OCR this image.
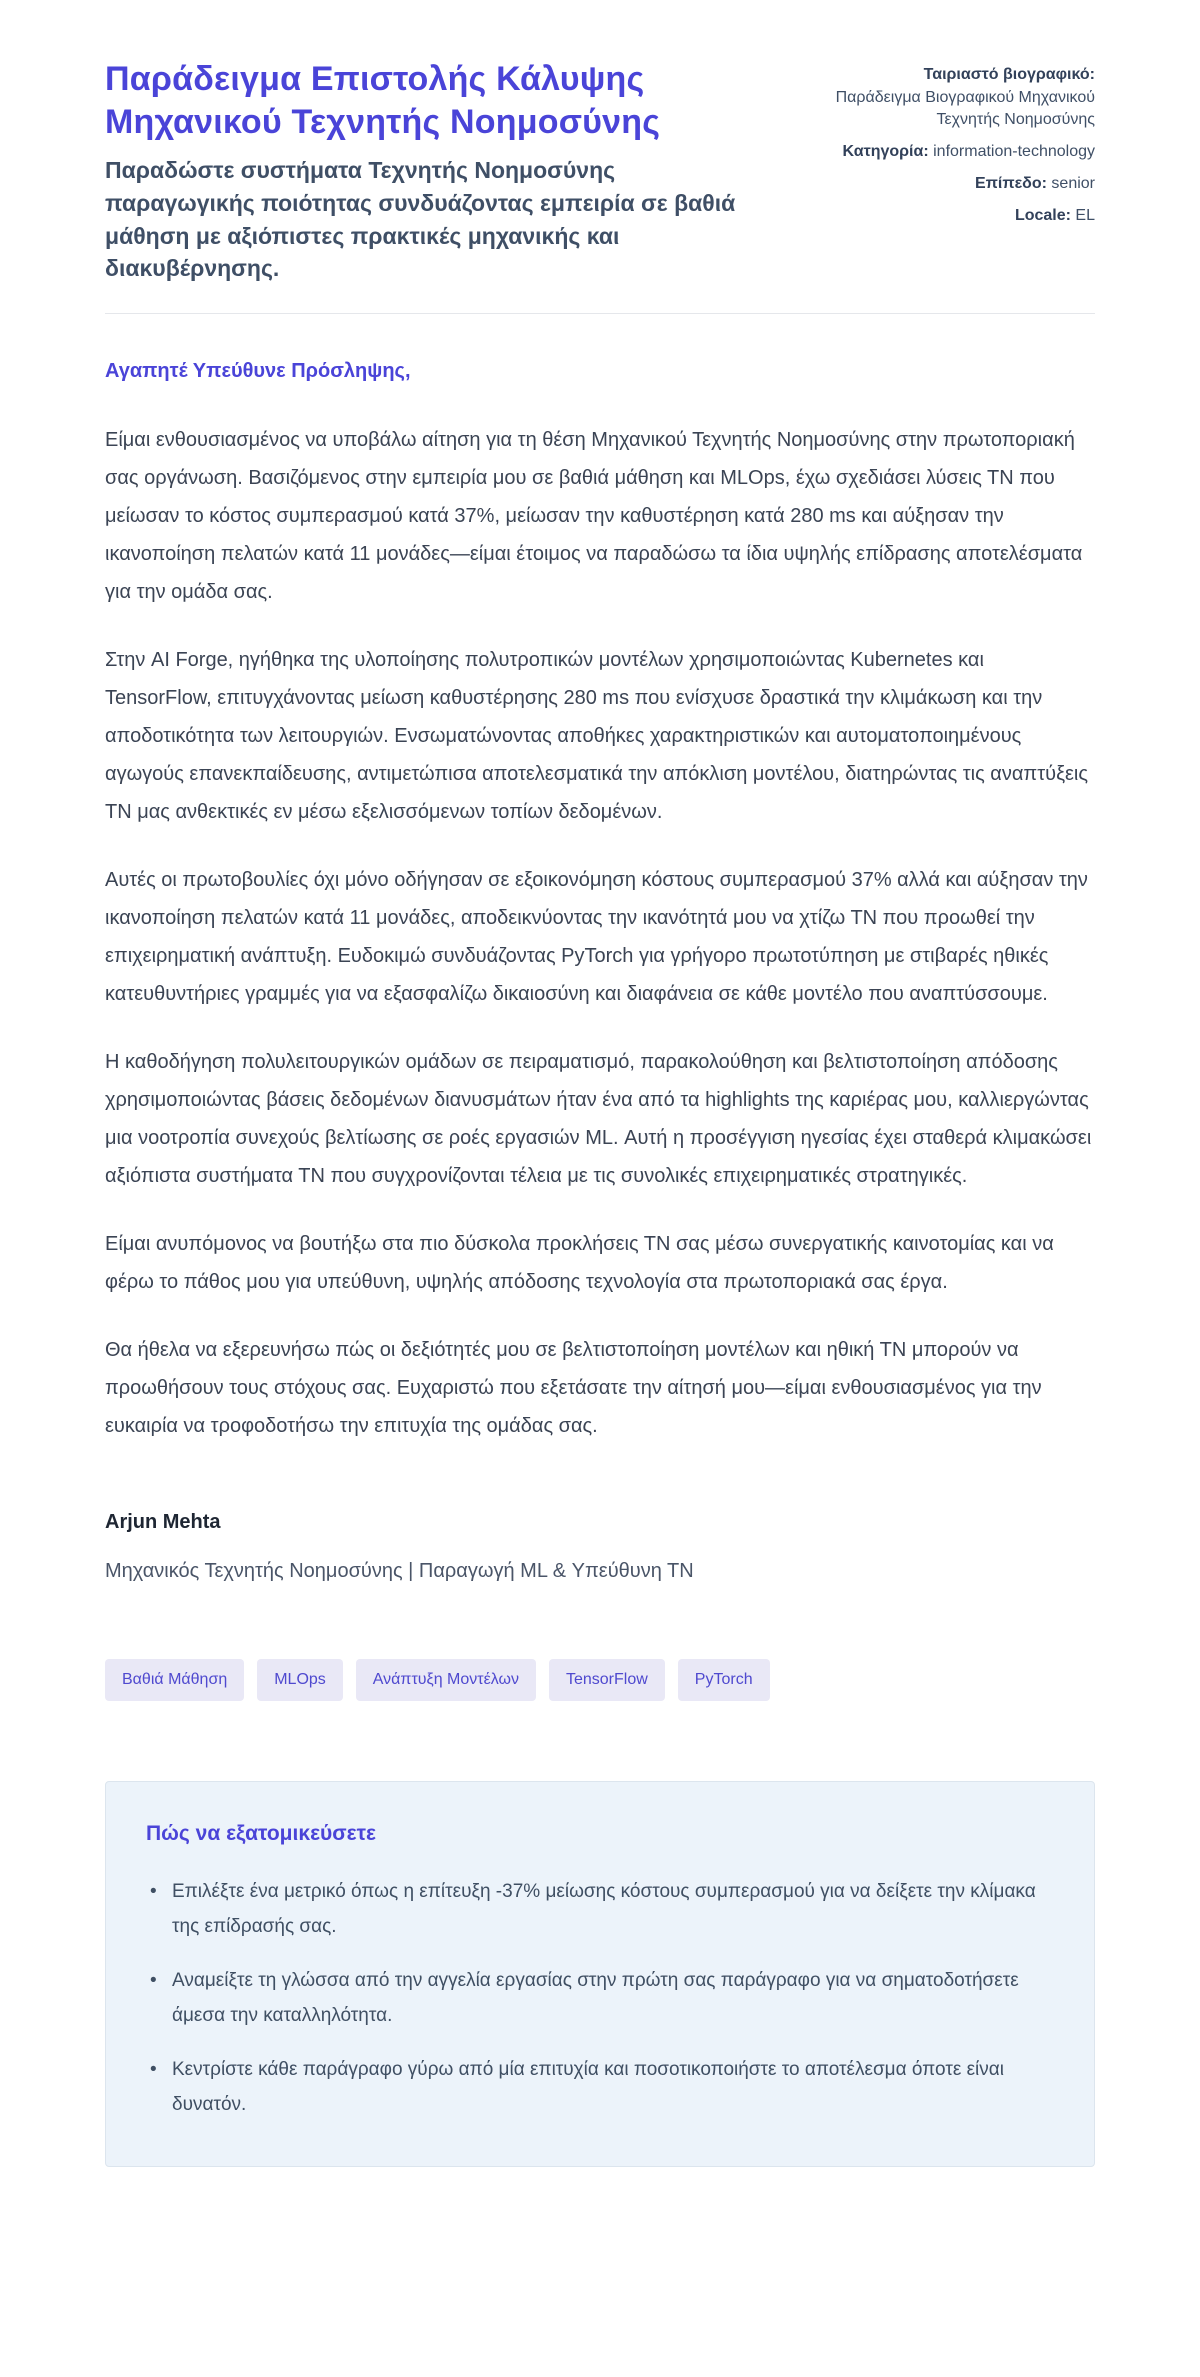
Παράδειγμα Επιστολής Κάλυψης Μηχανικού Τεχνητής Νοημοσύνης
Παραδώστε συστήματα Τεχνητής Νοημοσύνης παραγωγικής ποιότητας συνδυάζοντας εμπειρία σε βαθιά μάθηση με αξιόπιστες πρακτικές μηχανικής και διακυβέρνησης.
Ταιριαστό βιογραφικό:
Παράδειγμα Βιογραφικού Μηχανικού Τεχνητής Νοημοσύνης
Κατηγορία: information-technology
Επίπεδο: senior
Locale: EL
Αγαπητέ Υπεύθυνε Πρόσληψης,

Είμαι ενθουσιασμένος να υποβάλω αίτηση για τη θέση Μηχανικού Τεχνητής Νοημοσύνης στην πρωτοποριακή σας οργάνωση. Βασιζόμενος στην εμπειρία μου σε βαθιά μάθηση και MLOps, έχω σχεδιάσει λύσεις ΤΝ που μείωσαν το κόστος συμπερασμού κατά 37%, μείωσαν την καθυστέρηση κατά 280 ms και αύξησαν την ικανοποίηση πελατών κατά 11 μονάδες—είμαι έτοιμος να παραδώσω τα ίδια υψηλής επίδρασης αποτελέσματα για την ομάδα σας.

Στην AI Forge, ηγήθηκα της υλοποίησης πολυτροπικών μοντέλων χρησιμοποιώντας Kubernetes και TensorFlow, επιτυγχάνοντας μείωση καθυστέρησης 280 ms που ενίσχυσε δραστικά την κλιμάκωση και την αποδοτικότητα των λειτουργιών. Ενσωματώνοντας αποθήκες χαρακτηριστικών και αυτοματοποιημένους αγωγούς επανεκπαίδευσης, αντιμετώπισα αποτελεσματικά την απόκλιση μοντέλου, διατηρώντας τις αναπτύξεις ΤΝ μας ανθεκτικές εν μέσω εξελισσόμενων τοπίων δεδομένων.

Αυτές οι πρωτοβουλίες όχι μόνο οδήγησαν σε εξοικονόμηση κόστους συμπερασμού 37% αλλά και αύξησαν την ικανοποίηση πελατών κατά 11 μονάδες, αποδεικνύοντας την ικανότητά μου να χτίζω ΤΝ που προωθεί την επιχειρηματική ανάπτυξη. Ευδοκιμώ συνδυάζοντας PyTorch για γρήγορο πρωτοτύπηση με στιβαρές ηθικές κατευθυντήριες γραμμές για να εξασφαλίζω δικαιοσύνη και διαφάνεια σε κάθε μοντέλο που αναπτύσσουμε.

Η καθοδήγηση πολυλειτουργικών ομάδων σε πειραματισμό, παρακολούθηση και βελτιστοποίηση απόδοσης χρησιμοποιώντας βάσεις δεδομένων διανυσμάτων ήταν ένα από τα highlights της καριέρας μου, καλλιεργώντας μια νοοτροπία συνεχούς βελτίωσης σε ροές εργασιών ML. Αυτή η προσέγγιση ηγεσίας έχει σταθερά κλιμακώσει αξιόπιστα συστήματα ΤΝ που συγχρονίζονται τέλεια με τις συνολικές επιχειρηματικές στρατηγικές.

Είμαι ανυπόμονος να βουτήξω στα πιο δύσκολα προκλήσεις ΤΝ σας μέσω συνεργατικής καινοτομίας και να φέρω το πάθος μου για υπεύθυνη, υψηλής απόδοσης τεχνολογία στα πρωτοποριακά σας έργα.

Θα ήθελα να εξερευνήσω πώς οι δεξιότητές μου σε βελτιστοποίηση μοντέλων και ηθική ΤΝ μπορούν να προωθήσουν τους στόχους σας. Ευχαριστώ που εξετάσατε την αίτησή μου—είμαι ενθουσιασμένος για την ευκαιρία να τροφοδοτήσω την επιτυχία της ομάδας σας.

Arjun Mehta
Μηχανικός Τεχνητής Νοημοσύνης | Παραγωγή ML & Υπεύθυνη ΤΝ
Βαθιά Μάθηση	MLOps	Ανάπτυξη Μοντέλων	TensorFlow	PyTorch
Πώς να εξατομικεύσετε
• Επιλέξτε ένα μετρικό όπως η επίτευξη -37% μείωσης κόστους συμπερασμού για να δείξετε την κλίμακα της επίδρασής σας.
• Αναμείξτε τη γλώσσα από την αγγελία εργασίας στην πρώτη σας παράγραφο για να σηματοδοτήσετε άμεσα την καταλληλότητα.
• Κεντρίστε κάθε παράγραφο γύρω από μία επιτυχία και ποσοτικοποιήστε το αποτέλεσμα όποτε είναι δυνατόν.
